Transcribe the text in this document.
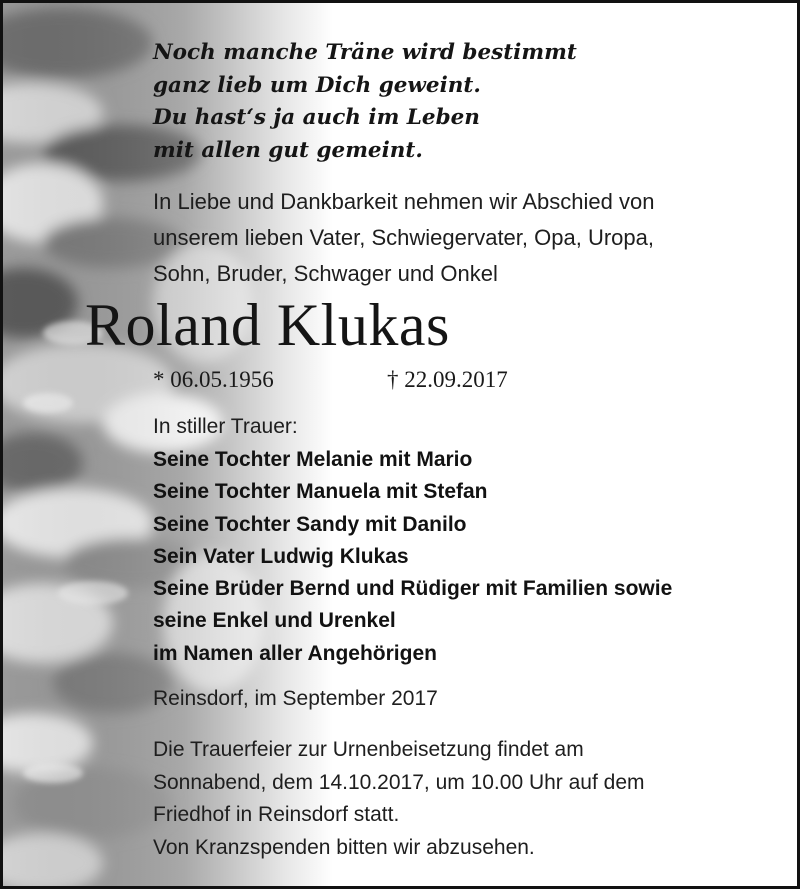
Noch manche Träne wird bestimmt
ganz lieb um Dich geweint.
Du hast‘s ja auch im Leben
mit allen gut gemeint.
In Liebe und Dankbarkeit nehmen wir Abschied von
unserem lieben Vater, Schwiegervater, Opa, Uropa,
Sohn, Bruder, Schwager und Onkel
Roland Klukas
* 06.05.1956	† 22.09.2017
In stiller Trauer:
Seine Tochter Melanie mit Mario
Seine Tochter Manuela mit Stefan
Seine Tochter Sandy mit Danilo
Sein Vater Ludwig Klukas
Seine Brüder Bernd und Rüdiger mit Familien sowie
seine Enkel und Urenkel
im Namen aller Angehörigen
Reinsdorf, im September 2017
Die Trauerfeier zur Urnenbeisetzung findet am
Sonnabend, dem 14.10.2017, um 10.00 Uhr auf dem
Friedhof in Reinsdorf statt.
Von Kranzspenden bitten wir abzusehen.
